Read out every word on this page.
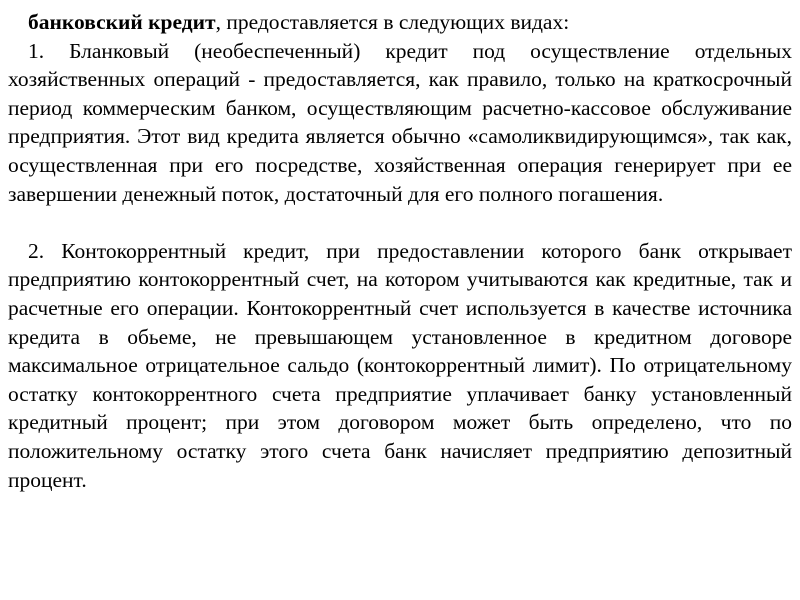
банковский кредит, предоставляется в следующих видах:

1. Бланковый (необеспеченный) кредит под осуществление отдельных хозяйственных операций - предоставляется, как правило, только на краткосрочный период коммерческим банком, осуществляющим расчетно-кассовое обслуживание предприятия. Этот вид кредита является обычно «самоликвидирующимся», так как, осуществленная при его посредстве, хозяйственная операция генерирует при ее завершении денежный поток, достаточный для его полного погашения.

2. Контокоррентный кредит, при предоставлении которого банк открывает предприятию контокоррентный счет, на котором учитываются как кредитные, так и расчетные его операции. Контокоррентный счет используется в качестве источника кредита в обьеме, не превышающем установленное в кредитном договоре максимальное отрицательное сальдо (контокоррентный лимит). По отрицательному остатку контокоррентного счета предприятие уплачивает банку установленный кредитный процент; при этом договором может быть определено, что по положительному остатку этого счета банк начисляет предприятию депозитный процент.
